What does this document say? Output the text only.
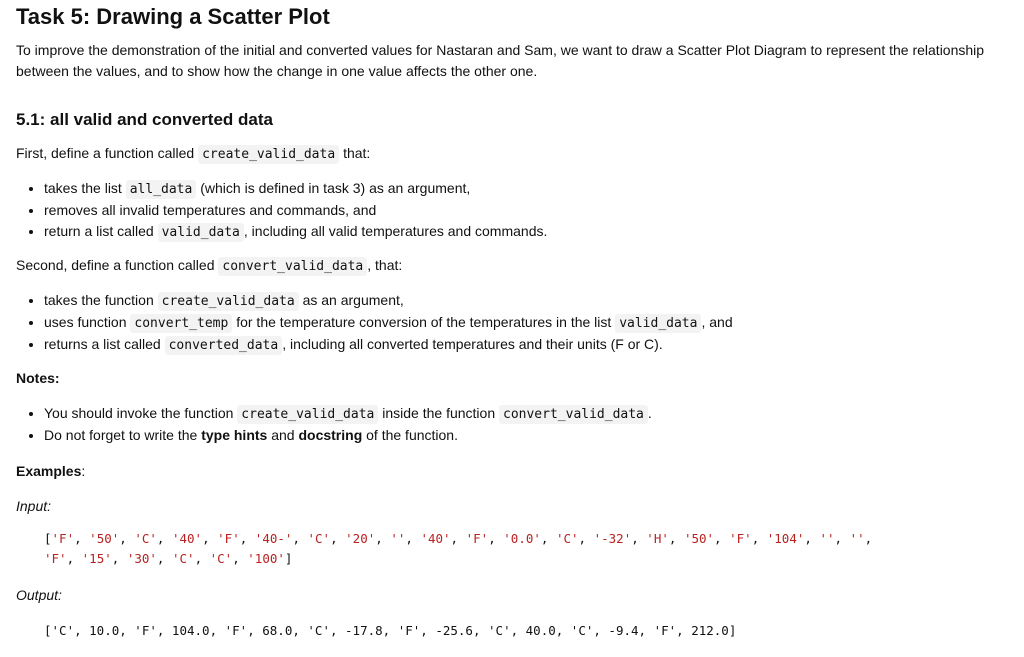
Task 5: Drawing a Scatter Plot

To improve the demonstration of the initial and converted values for Nastaran and Sam, we want to draw a Scatter Plot Diagram to represent the relationship between the values, and to show how the change in one value affects the other one.

5.1: all valid and converted data

First, define a function called create_valid_data that:

• takes the list all_data (which is defined in task 3) as an argument,
• removes all invalid temperatures and commands, and
• return a list called valid_data , including all valid temperatures and commands.

Second, define a function called convert_valid_data , that:

• takes the function create_valid_data as an argument,
• uses function convert_temp for the temperature conversion of the temperatures in the list valid_data , and
• returns a list called converted_data , including all converted temperatures and their units (F or C).

Notes:

• You should invoke the function create_valid_data inside the function convert_valid_data .
• Do not forget to write the type hints and docstring of the function.

Examples:

Input:

['F', '50', 'C', '40', 'F', '40-', 'C', '20', '', '40', 'F', '0.0', 'C', '-32', 'H', '50', 'F', '104', '', '',
'F', '15', '30', 'C', 'C', '100']

Output:

['C', 10.0, 'F', 104.0, 'F', 68.0, 'C', -17.8, 'F', -25.6, 'C', 40.0, 'C', -9.4, 'F', 212.0]
